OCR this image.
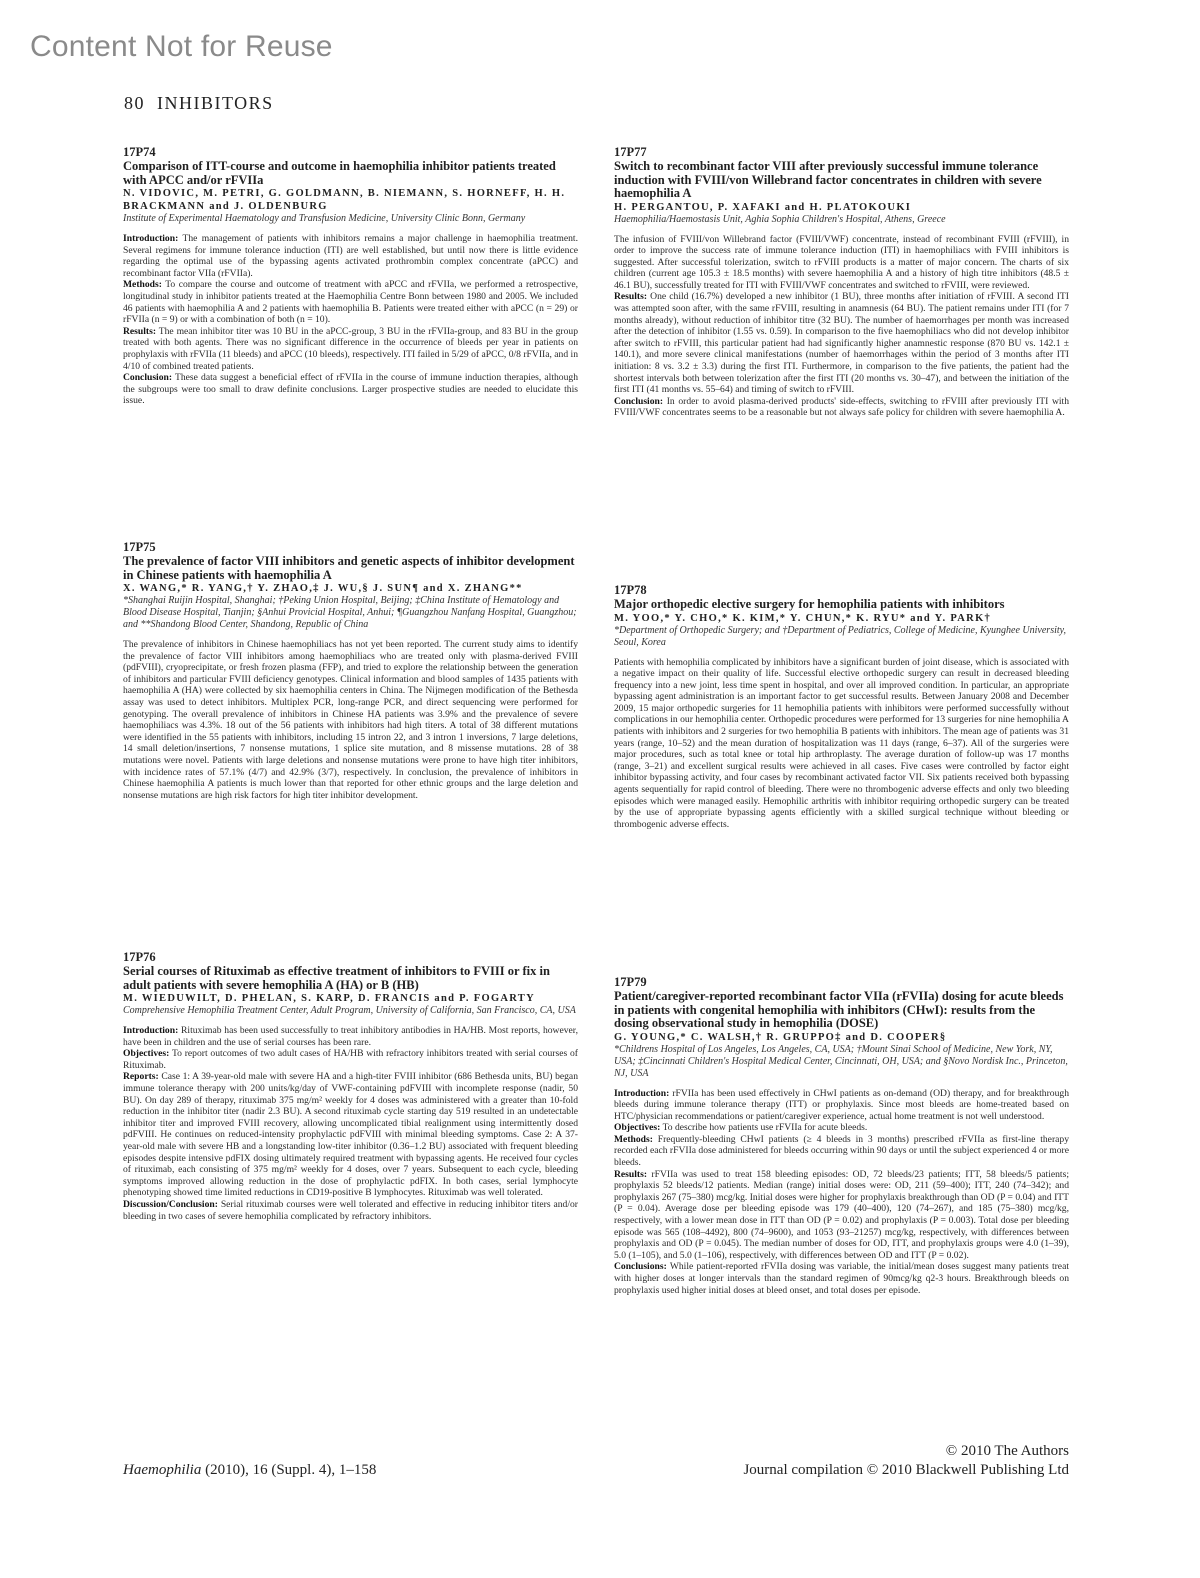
Content Not for Reuse
80 INHIBITORS
17P74
Comparison of ITT-course and outcome in haemophilia inhibitor patients treated with APCC and/or rFVIIa
N. VIDOVIC, M. PETRI, G. GOLDMANN, B. NIEMANN, S. HORNEFF, H. H. BRACKMANN and J. OLDENBURG
Institute of Experimental Haematology and Transfusion Medicine, University Clinic Bonn, Germany

Introduction: The management of patients with inhibitors remains a major challenge in haemophilia treatment. Several regimens for immune tolerance induction (ITI) are well established, but until now there is little evidence regarding the optimal use of the bypassing agents activated prothrombin complex concentrate (aPCC) and recombinant factor VIIa (rFVIIa).

Methods: To compare the course and outcome of treatment with aPCC and rFVIIa, we performed a retrospective, longitudinal study in inhibitor patients treated at the Haemophilia Centre Bonn between 1980 and 2005. We included 46 patients with haemophilia A and 2 patients with haemophilia B. Patients were treated either with aPCC (n = 29) or rFVIIa (n = 9) or with a combination of both (n = 10).

Results: The mean inhibitor titer was 10 BU in the aPCC-group, 3 BU in the rFVIIa-group, and 83 BU in the group treated with both agents. There was no significant difference in the occurrence of bleeds per year in patients on prophylaxis with rFVIIa (11 bleeds) and aPCC (10 bleeds), respectively. ITI failed in 5/29 of aPCC, 0/8 rFVIIa, and in 4/10 of combined treated patients.

Conclusion: These data suggest a beneficial effect of rFVIIa in the course of immune induction therapies, although the subgroups were too small to draw definite conclusions. Larger prospective studies are needed to elucidate this issue.

17P75
The prevalence of factor VIII inhibitors and genetic aspects of inhibitor development in Chinese patients with haemophilia A
X. WANG,* R. YANG,† Y. ZHAO,‡ J. WU,§ J. SUN¶ and X. ZHANG**
*Shanghai Ruijin Hospital, Shanghai; †Peking Union Hospital, Beijing; ‡China Institute of Hematology and Blood Disease Hospital, Tianjin; §Anhui Provicial Hospital, Anhui; ¶Guangzhou Nanfang Hospital, Guangzhou; and **Shandong Blood Center, Shandong, Republic of China

The prevalence of inhibitors in Chinese haemophiliacs has not yet been reported. The current study aims to identify the prevalence of factor VIII inhibitors among haemophiliacs who are treated only with plasma-derived FVIII (pdFVIII), cryoprecipitate, or fresh frozen plasma (FFP), and tried to explore the relationship between the generation of inhibitors and particular FVIII deficiency genotypes. Clinical information and blood samples of 1435 patients with haemophilia A (HA) were collected by six haemophilia centers in China. The Nijmegen modification of the Bethesda assay was used to detect inhibitors. Multiplex PCR, long-range PCR, and direct sequencing were performed for genotyping. The overall prevalence of inhibitors in Chinese HA patients was 3.9% and the prevalence of severe haemophiliacs was 4.3%. 18 out of the 56 patients with inhibitors had high titers. A total of 38 different mutations were identified in the 55 patients with inhibitors, including 15 intron 22, and 3 intron 1 inversions, 7 large deletions, 14 small deletion/insertions, 7 nonsense mutations, 1 splice site mutation, and 8 missense mutations. 28 of 38 mutations were novel. Patients with large deletions and nonsense mutations were prone to have high titer inhibitors, with incidence rates of 57.1% (4/7) and 42.9% (3/7), respectively. In conclusion, the prevalence of inhibitors in Chinese haemophilia A patients is much lower than that reported for other ethnic groups and the large deletion and nonsense mutations are high risk factors for high titer inhibitor development.

17P76
Serial courses of Rituximab as effective treatment of inhibitors to FVIII or fix in adult patients with severe hemophilia A (HA) or B (HB)
M. WIEDUWILT, D. PHELAN, S. KARP, D. FRANCIS and P. FOGARTY
Comprehensive Hemophilia Treatment Center, Adult Program, University of California, San Francisco, CA, USA

Introduction: Rituximab has been used successfully to treat inhibitory antibodies in HA/HB. Most reports, however, have been in children and the use of serial courses has been rare.

Objectives: To report outcomes of two adult cases of HA/HB with refractory inhibitors treated with serial courses of Rituximab.

Reports: Case 1: A 39-year-old male with severe HA and a high-titer FVIII inhibitor (686 Bethesda units, BU) began immune tolerance therapy with 200 units/kg/day of VWF-containing pdFVIII with incomplete response (nadir, 50 BU). On day 289 of therapy, rituximab 375 mg/m² weekly for 4 doses was administered with a greater than 10-fold reduction in the inhibitor titer (nadir 2.3 BU). A second rituximab cycle starting day 519 resulted in an undetectable inhibitor titer and improved FVIII recovery, allowing uncomplicated tibial realignment using intermittently dosed pdFVIII. He continues on reduced-intensity prophylactic pdFVIII with minimal bleeding symptoms. Case 2: A 37-year-old male with severe HB and a longstanding low-titer inhibitor (0.36–1.2 BU) associated with frequent bleeding episodes despite intensive pdFIX dosing ultimately required treatment with bypassing agents. He received four cycles of rituximab, each consisting of 375 mg/m² weekly for 4 doses, over 7 years. Subsequent to each cycle, bleeding symptoms improved allowing reduction in the dose of prophylactic pdFIX. In both cases, serial lymphocyte phenotyping showed time limited reductions in CD19-positive B lymphocytes. Rituximab was well tolerated.

Discussion/Conclusion: Serial rituximab courses were well tolerated and effective in reducing inhibitor titers and/or bleeding in two cases of severe hemophilia complicated by refractory inhibitors.

17P77
Switch to recombinant factor VIII after previously successful immune tolerance induction with FVIII/von Willebrand factor concentrates in children with severe haemophilia A
H. PERGANTOU, P. XAFAKI and H. PLATOKOUKI
Haemophilia/Haemostasis Unit, Aghia Sophia Children's Hospital, Athens, Greece

The infusion of FVIII/von Willebrand factor (FVIII/VWF) concentrate, instead of recombinant FVIII (rFVIII), in order to improve the success rate of immune tolerance induction (ITI) in haemophiliacs with FVIII inhibitors is suggested. After successful tolerization, switch to rFVIII products is a matter of major concern. The charts of six children (current age 105.3 ± 18.5 months) with severe haemophilia A and a history of high titre inhibitors (48.5 ± 46.1 BU), successfully treated for ITI with FVIII/VWF concentrates and switched to rFVIII, were reviewed.

Results: One child (16.7%) developed a new inhibitor (1 BU), three months after initiation of rFVIII. A second ITI was attempted soon after, with the same rFVIII, resulting in anamnesis (64 BU). The patient remains under ITI (for 7 months already), without reduction of inhibitor titre (32 BU). The number of haemorrhages per month was increased after the detection of inhibitor (1.55 vs. 0.59). In comparison to the five haemophiliacs who did not develop inhibitor after switch to rFVIII, this particular patient had had significantly higher anamnestic response (870 BU vs. 142.1 ± 140.1), and more severe clinical manifestations (number of haemorrhages within the period of 3 months after ITI initiation: 8 vs. 3.2 ± 3.3) during the first ITI. Furthermore, in comparison to the five patients, the patient had the shortest intervals both between tolerization after the first ITI (20 months vs. 30–47), and between the initiation of the first ITI (41 months vs. 55–64) and timing of switch to rFVIII.

Conclusion: In order to avoid plasma-derived products' side-effects, switching to rFVIII after previously ITI with FVIII/VWF concentrates seems to be a reasonable but not always safe policy for children with severe haemophilia A.

17P78
Major orthopedic elective surgery for hemophilia patients with inhibitors
M. YOO,* Y. CHO,* K. KIM,* Y. CHUN,* K. RYU* and Y. PARK†
*Department of Orthopedic Surgery; and †Department of Pediatrics, College of Medicine, Kyunghee University, Seoul, Korea

Patients with hemophilia complicated by inhibitors have a significant burden of joint disease, which is associated with a negative impact on their quality of life. Successful elective orthopedic surgery can result in decreased bleeding frequency into a new joint, less time spent in hospital, and over all improved condition. In particular, an appropriate bypassing agent administration is an important factor to get successful results. Between January 2008 and December 2009, 15 major orthopedic surgeries for 11 hemophilia patients with inhibitors were performed successfully without complications in our hemophilia center. Orthopedic procedures were performed for 13 surgeries for nine hemophilia A patients with inhibitors and 2 surgeries for two hemophilia B patients with inhibitors. The mean age of patients was 31 years (range, 10–52) and the mean duration of hospitalization was 11 days (range, 6–37). All of the surgeries were major procedures, such as total knee or total hip arthroplasty. The average duration of follow-up was 17 months (range, 3–21) and excellent surgical results were achieved in all cases. Five cases were controlled by factor eight inhibitor bypassing activity, and four cases by recombinant activated factor VII. Six patients received both bypassing agents sequentially for rapid control of bleeding. There were no thrombogenic adverse effects and only two bleeding episodes which were managed easily. Hemophilic arthritis with inhibitor requiring orthopedic surgery can be treated by the use of appropriate bypassing agents efficiently with a skilled surgical technique without bleeding or thrombogenic adverse effects.

17P79
Patient/caregiver-reported recombinant factor VIIa (rFVIIa) dosing for acute bleeds in patients with congenital hemophilia with inhibitors (CHwI): results from the dosing observational study in hemophilia (DOSE)
G. YOUNG,* C. WALSH,† R. GRUPPO‡ and D. COOPER§
*Childrens Hospital of Los Angeles, Los Angeles, CA, USA; †Mount Sinai School of Medicine, New York, NY, USA; ‡Cincinnati Children's Hospital Medical Center, Cincinnati, OH, USA; and §Novo Nordisk Inc., Princeton, NJ, USA

Introduction: rFVIIa has been used effectively in CHwI patients as on-demand (OD) therapy, and for breakthrough bleeds during immune tolerance therapy (ITT) or prophylaxis. Since most bleeds are home-treated based on HTC/physician recommendations or patient/caregiver experience, actual home treatment is not well understood.

Objectives: To describe how patients use rFVIIa for acute bleeds.

Methods: Frequently-bleeding CHwI patients (≥ 4 bleeds in 3 months) prescribed rFVIIa as first-line therapy recorded each rFVIIa dose administered for bleeds occurring within 90 days or until the subject experienced 4 or more bleeds.

Results: rFVIIa was used to treat 158 bleeding episodes: OD, 72 bleeds/23 patients; ITT, 58 bleeds/5 patients; prophylaxis 52 bleeds/12 patients. Median (range) initial doses were: OD, 211 (59–400); ITT, 240 (74–342); and prophylaxis 267 (75–380) mcg/kg. Initial doses were higher for prophylaxis breakthrough than OD (P = 0.04) and ITT (P = 0.04). Average dose per bleeding episode was 179 (40–400), 120 (74–267), and 185 (75–380) mcg/kg, respectively, with a lower mean dose in ITT than OD (P = 0.02) and prophylaxis (P = 0.003). Total dose per bleeding episode was 565 (108–4492), 800 (74–9600), and 1053 (93–21257) mcg/kg, respectively, with differences between prophylaxis and OD (P = 0.045). The median number of doses for OD, ITT, and prophylaxis groups were 4.0 (1–39), 5.0 (1–105), and 5.0 (1–106), respectively, with differences between OD and ITT (P = 0.02).

Conclusions: While patient-reported rFVIIa dosing was variable, the initial/mean doses suggest many patients treat with higher doses at longer intervals than the standard regimen of 90mcg/kg q2-3 hours. Breakthrough bleeds on prophylaxis used higher initial doses at bleed onset, and total doses per episode.

Haemophilia (2010), 16 (Suppl. 4), 1–158
© 2010 The Authors
Journal compilation © 2010 Blackwell Publishing Ltd
